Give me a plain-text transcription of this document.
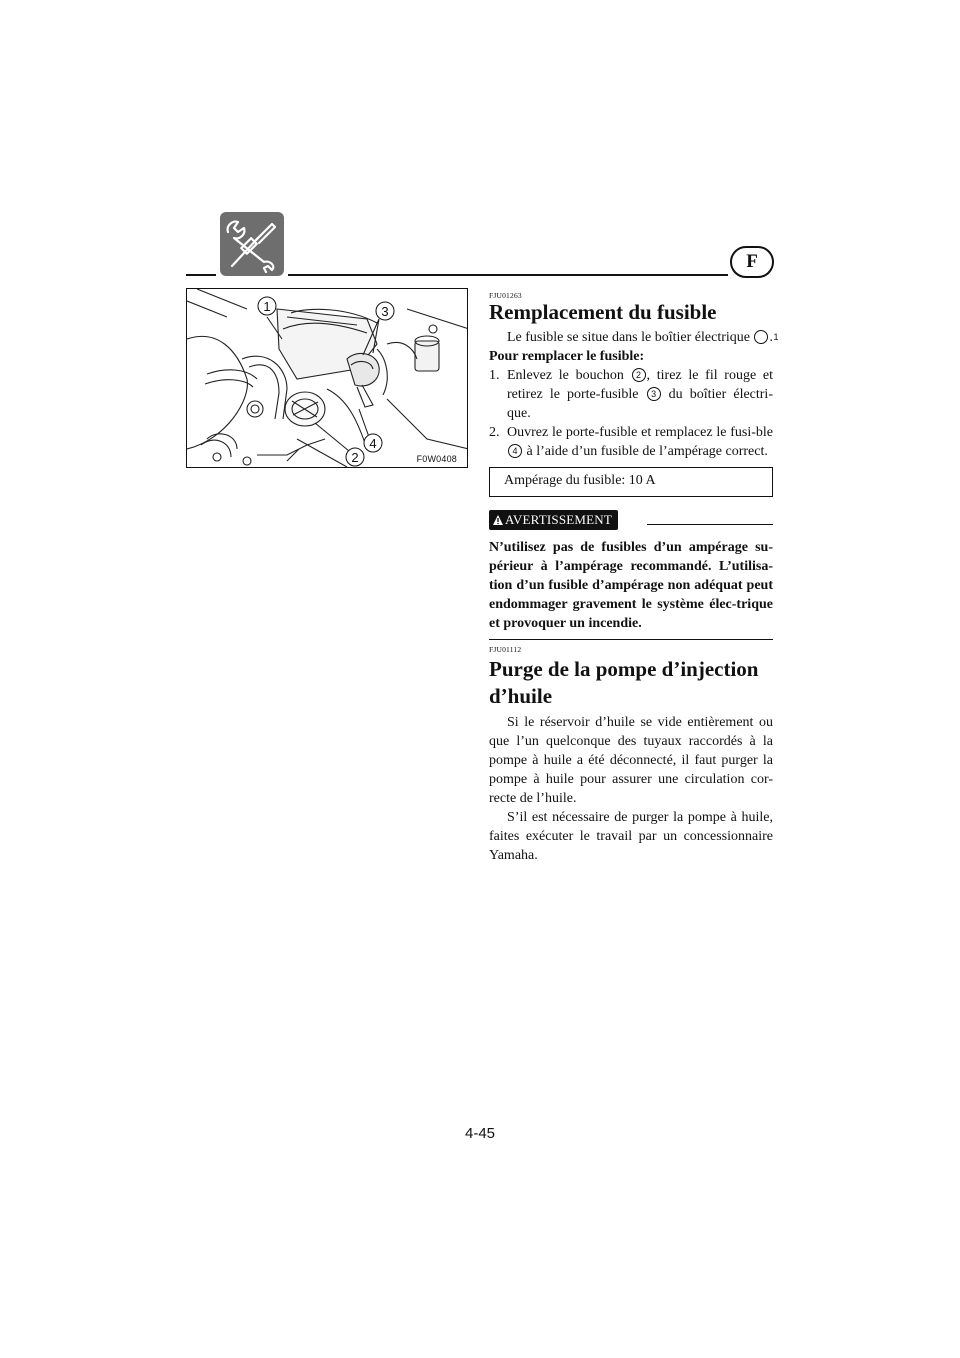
F
1	3
4
2	F0W0408
FJU01263
Remplacement du fusible

Le fusible se situe dans le boîtier électrique 1.

Pour remplacer le fusible:

1. Enlevez le bouchon 2 , tirez le fil rouge et retirez le porte-fusible 3 du boîtier électri-que.
2. Ouvrez le porte-fusible et remplacez le fusi-ble 4 à l’aide d’un fusible de l’ampérage correct.
Ampérage du fusible: 10 A
AVERTISSEMENT
N’utilisez pas de fusibles d’un ampérage su-périeur à l’ampérage recommandé. L’utilisa-tion d’un fusible d’ampérage non adéquat peut endommager gravement le système élec-trique et provoquer un incendie.
FJU01112
Purge de la pompe d’injection d’huile

Si le réservoir d’huile se vide entièrement ou que l’un quelconque des tuyaux raccordés à la pompe à huile a été déconnecté, il faut purger la pompe à huile pour assurer une circulation cor-recte de l’huile.

S’il est nécessaire de purger la pompe à huile, faites exécuter le travail par un concessionnaire Yamaha.

4-45
